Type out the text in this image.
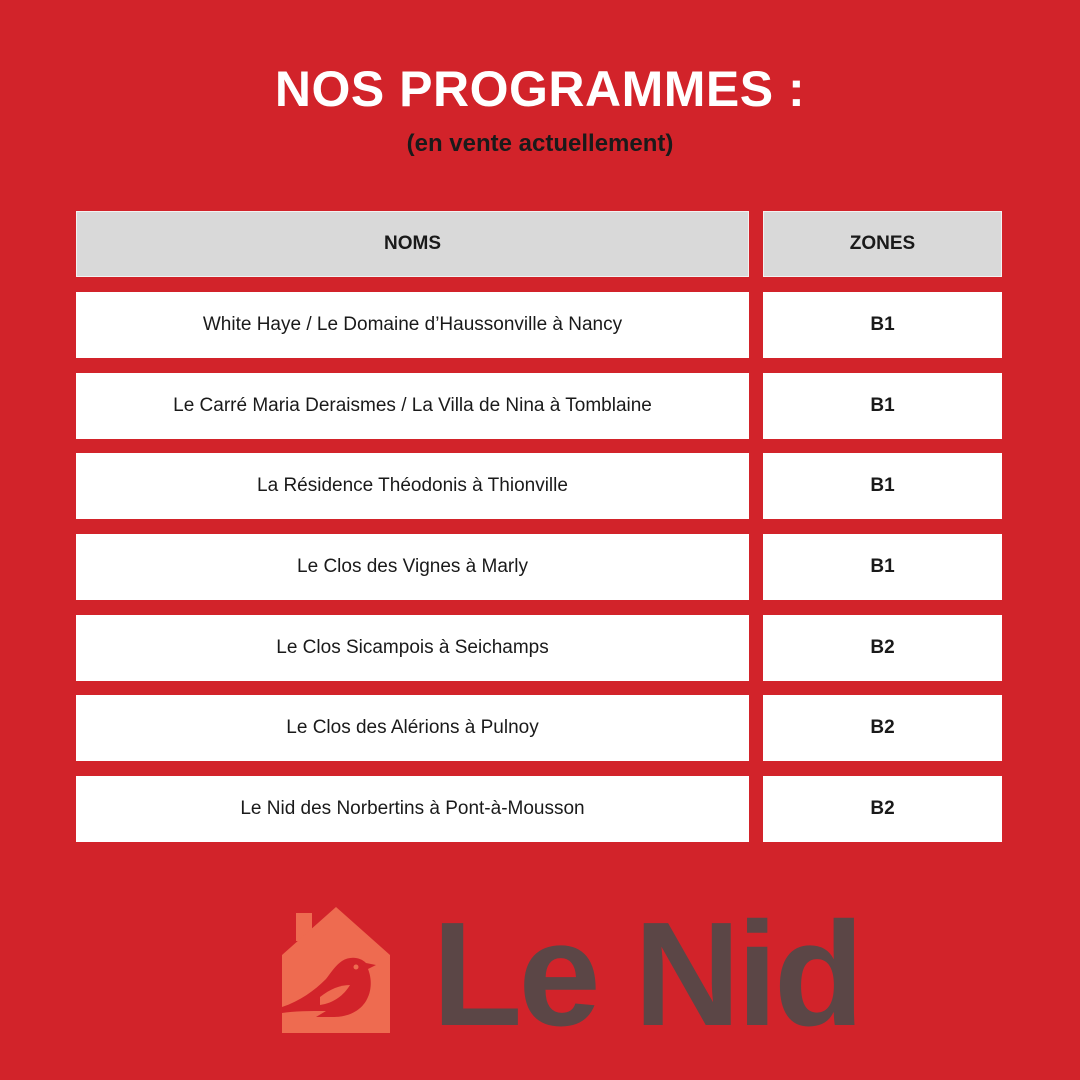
NOS PROGRAMMES :
(en vente actuellement)
NOMS	ZONES
White Haye / Le Domaine d’Haussonville à Nancy	B1
Le Carré Maria Deraismes / La Villa de Nina à Tomblaine	B1
La Résidence Théodonis à Thionville	B1
Le Clos des Vignes à Marly	B1
Le Clos Sicampois à Seichamps	B2
Le Clos des Alérions à Pulnoy	B2
Le Nid des Norbertins à Pont-à-Mousson	B2
Le Nid
